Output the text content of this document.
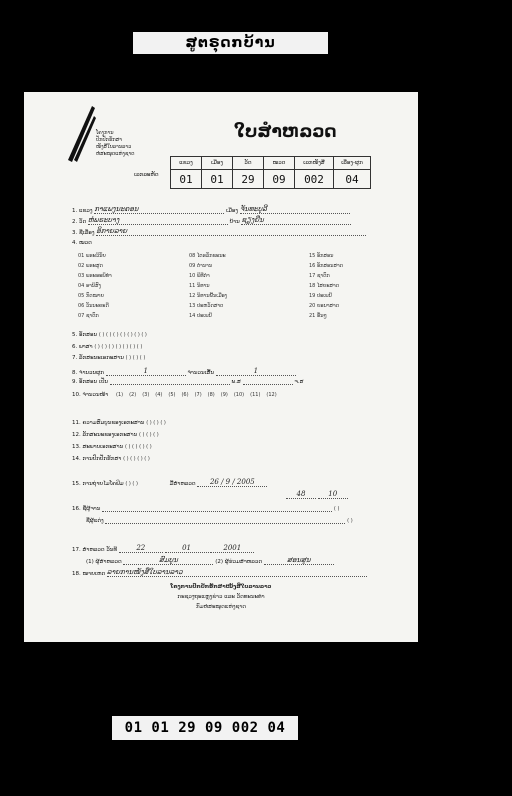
ສູຕຣຸດກບ້ານ
ໂຄງການ
ປັກປັກຮັກສາ
ໜັງສືໃບລານລາວ
ຫໍສະໝຸດແຫ່ງຊາດ
ໃບສຳຫລວດ
ເລກລະຫັດ
ແຂວງ	ເມືອງ	ວັດ	ໝວດ	ເລກໜັງສື	ເລື່ອງ-ຜູກ
01	01	29	09	002	04
1. ແຂວງ ກາແພງນະຄອນ	ເມືອງ ຈັນທະບູລີ
2. ວັດ ຫໍພຣະບາງ	ບ້ານ ຊຽງຍືນ
3. ຊື່ເລື່ອງ ອິກາຍລາຍ
4. ໝວດ
01 ພຣະວິນັຍ	08 ໄຕຣລັກຂະນະ	15 ອັກສອນ
02 ພຣະສູດ	09 ຕຳນານ	16 ອັກສອນສາດ
03 ພຣະອະພິທຳ	10 ພິທີກຳ	17 ຊາດົກ
04 ອານິສົງ	11 ນິທານ	18 ໄສຍະສາດ
05 ກົດໝາຍ	12 ນິທານພື້ນເມືອງ	19 ປະເພນີ
06 ວັນນະຄະດີ	13 ປະຫວັດສາດ	20 ຍອນາສາດ
07 ຊາດົກ	14 ປະເພນີ	21 ອື່ນໆ
5. ອັກສອນ ( ) ( ) ( ) ( ) ( ) ( ) ( )
6. ພາສາ ( ) ( ) ( ) ( ) ( ) ( ) ( )
7. ລັກສະນະເອກະສານ ( ) ( ) ( )
8. ຈຳນວນຜູກ	1	ຈຳນວນເສັ້ນ	1
9. ອັກສອນ ເປັນ	ພ.ສ	ຈ.ສ
10. ຈຳນວນໜ້າ (1) (2) (3) (4) (5) (6) (7) (8) (9) (10) (11) (12)
11. ຄວາມສົມບູນຂອງເອກະສານ ( ) ( ) ( )
12. ລັກສະນະຂອງເອກະສານ ( ) ( ) ( )
13. ສະພາບເອກະສານ ( ) ( ) ( ) ( )
14. ການປົກປັກຮັກສາ ( ) ( ) ( ) ( )
15. ການຖ່າຍໄມໂຄຟິມ ( ) ( )	ມື້ສຳຫລວດ 26 / 9 / 2005
48	10
16. ຊື່ຜູ້ຈານ	( )
ຊື່ຜູ້ແຕ່ງ	( )
17. ສຳຫລວດ ວັນທີ	22	01	2001
(1) ຜູ້ສຳຫລວດ	ສົມບູນ	(2) ຜູ້ຮ່ວມສຳຫລວດ	ສອນສູນ
18. ໝາຍເຫດ ລາຍການໜັງສືໃບລານລາວ
ໂຄງການປົກປັກຮັກສາໜັງສືໃບລານລາວ
ກະຊວງຖະແຫຼງຂ່າວ ແລະ ວັດທະນະທຳ
ກົມຫໍສະໝຸດແຫ່ງຊາດ
01 01 29 09 002 04
